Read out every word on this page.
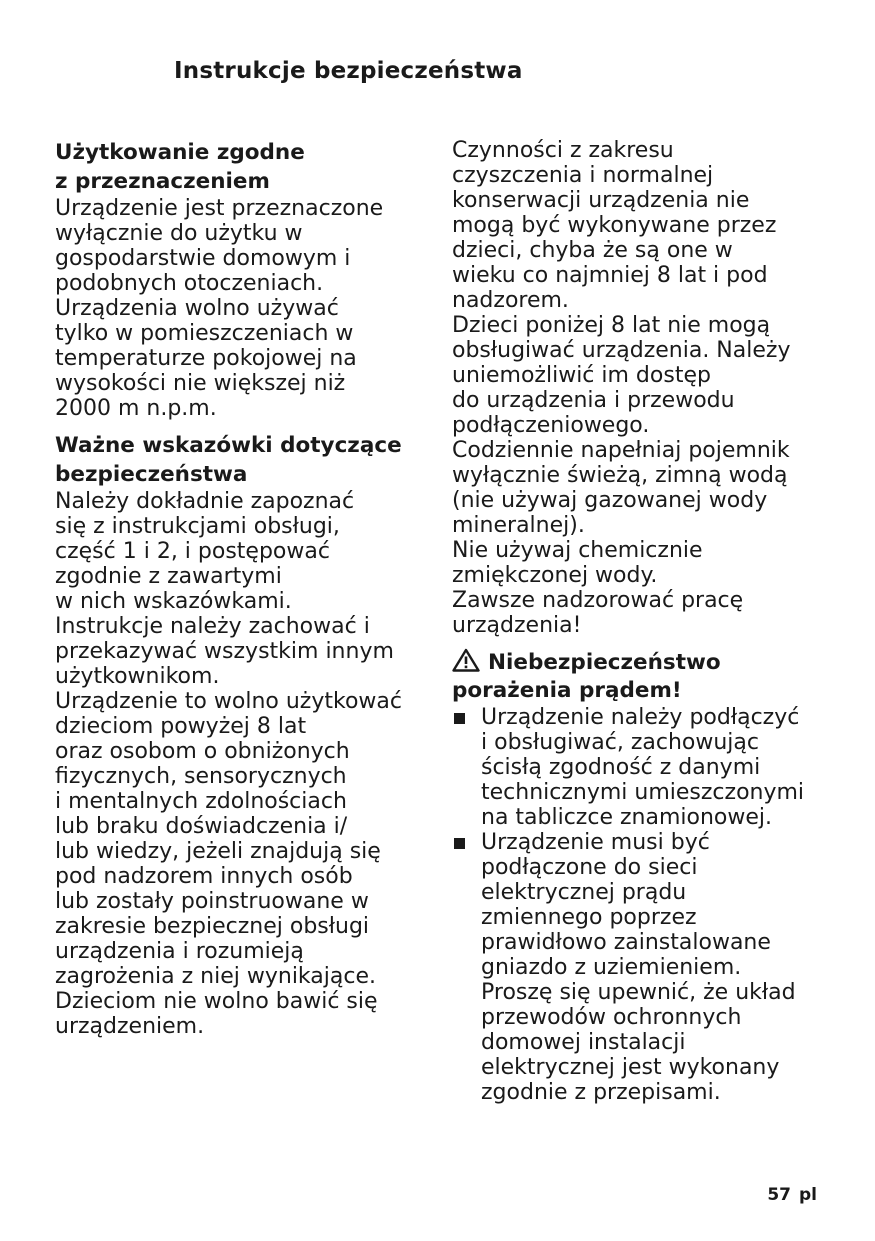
Instrukcje bezpieczeństwa
Użytkowanie zgodne
z przeznaczeniem
Urządzenie jest przeznaczone
wyłącznie do użytku w
gospodarstwie domowym i
podobnych otoczeniach.
Urządzenia wolno używać
tylko w pomieszczeniach w
temperaturze pokojowej na
wysokości nie większej niż
2000 m n.p.m.
Ważne wskazówki dotyczące
bezpieczeństwa
Należy dokładnie zapoznać
się z instrukcjami obsługi,
część 1 i 2, i postępować
zgodnie z zawartymi
w nich wskazówkami.
Instrukcje należy zachować i
przekazywać wszystkim innym
użytkownikom.
Urządzenie to wolno użytkować
dzieciom powyżej 8 lat
oraz osobom o obniżonych
fizycznych, sensorycznych
i mentalnych zdolnościach
lub braku doświadczenia i/
lub wiedzy, jeżeli znajdują się
pod nadzorem innych osób
lub zostały poinstruowane w
zakresie bezpiecznej obsługi
urządzenia i rozumieją
zagrożenia z niej wynikające.
Dzieciom nie wolno bawić się
urządzeniem.
Czynności z zakresu
czyszczenia i normalnej
konserwacji urządzenia nie
mogą być wykonywane przez
dzieci, chyba że są one w
wieku co najmniej 8 lat i pod
nadzorem.
Dzieci poniżej 8 lat nie mogą
obsługiwać urządzenia. Należy
uniemożliwić im dostęp
do urządzenia i przewodu
podłączeniowego.
Codziennie napełniaj pojemnik
wyłącznie świeżą, zimną wodą
(nie używaj gazowanej wody
mineralnej).
Nie używaj chemicznie
zmiękczonej wody.
Zawsze nadzorować pracę
urządzenia!
Niebezpieczeństwo
porażenia prądem!
Urządzenie należy podłączyć
i obsługiwać, zachowując
ścisłą zgodność z danymi
technicznymi umieszczonymi
na tabliczce znamionowej.
Urządzenie musi być
podłączone do sieci
elektrycznej prądu
zmiennego poprzez
prawidłowo zainstalowane
gniazdo z uziemieniem.
Proszę się upewnić, że układ
przewodów ochronnych
domowej instalacji
elektrycznej jest wykonany
zgodnie z przepisami.
57 pl
